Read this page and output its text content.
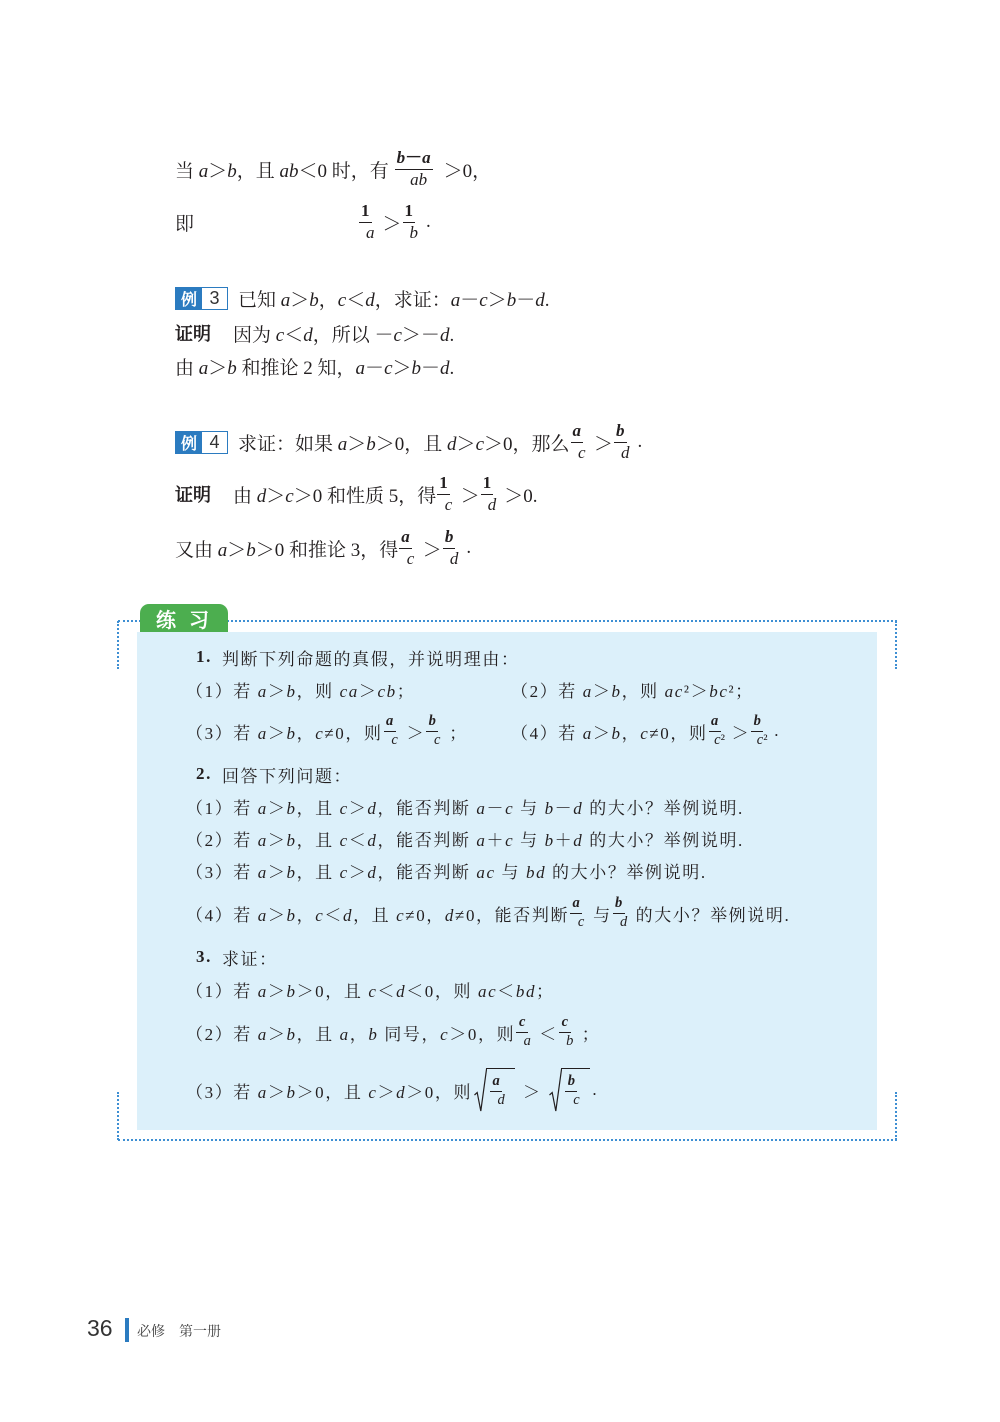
当 a＞b，且 ab＜0 时，有 $\frac{b-a}{ab} >0$，
即	$\frac{1}{a} > \frac{1}{b}$ .
例 3 已知 a＞b，c＜d，求证：a－c＞b－d.
证明 因为 c＜d，所以 －c＞－d.
由 a＞b 和推论 2 知，a－c＞b－d.
例 4 求证：如果 a＞b＞0，且 d＞c＞0，那么 $\frac{a}{c} > \frac{b}{d}$ .
证明 由 d＞c＞0 和性质 5，得 $\frac{1}{c} > \frac{1}{d} >0$.
又由 a＞b＞0 和推论 3，得 $\frac{a}{c} > \frac{b}{d}$ .
练 习
1. 判断下列命题的真假，并说明理由：
（1）若 a＞b，则 ca＞cb；	（2）若 a＞b，则 ac²＞bc²；
（3）若 a＞b，c≠0，则 $\frac{a}{c} > \frac{b}{c}$ ；	（4）若 a＞b，c≠0，则 $\frac{a}{\text{c²}} > \frac{b}{\text{c²}}$ .
2. 回答下列问题：
（1）若 a＞b，且 c＞d，能否判断 a－c 与 b－d 的大小？举例说明.
（2）若 a＞b，且 c＜d，能否判断 a＋c 与 b＋d 的大小？举例说明.
（3）若 a＞b，且 c＞d，能否判断 ac 与 bd 的大小？举例说明.
（4）若 a＞b，c＜d，且 c≠0，d≠0，能否判断 $\frac{a}{c}$ 与 $\frac{b}{d}$ 的大小？举例说明.
3. 求证：
（1）若 a＞b＞0，且 c＜d＜0，则 ac＜bd；
（2）若 a＞b，且 a，b 同号，c＞0，则 $\frac{c}{a} < \frac{c}{b}$ ；
（3）若 a＞b＞0，且 c＞d＞0，则 $\frac{a}{d} > \frac{b}{c}$ .
36 必修　第一册
